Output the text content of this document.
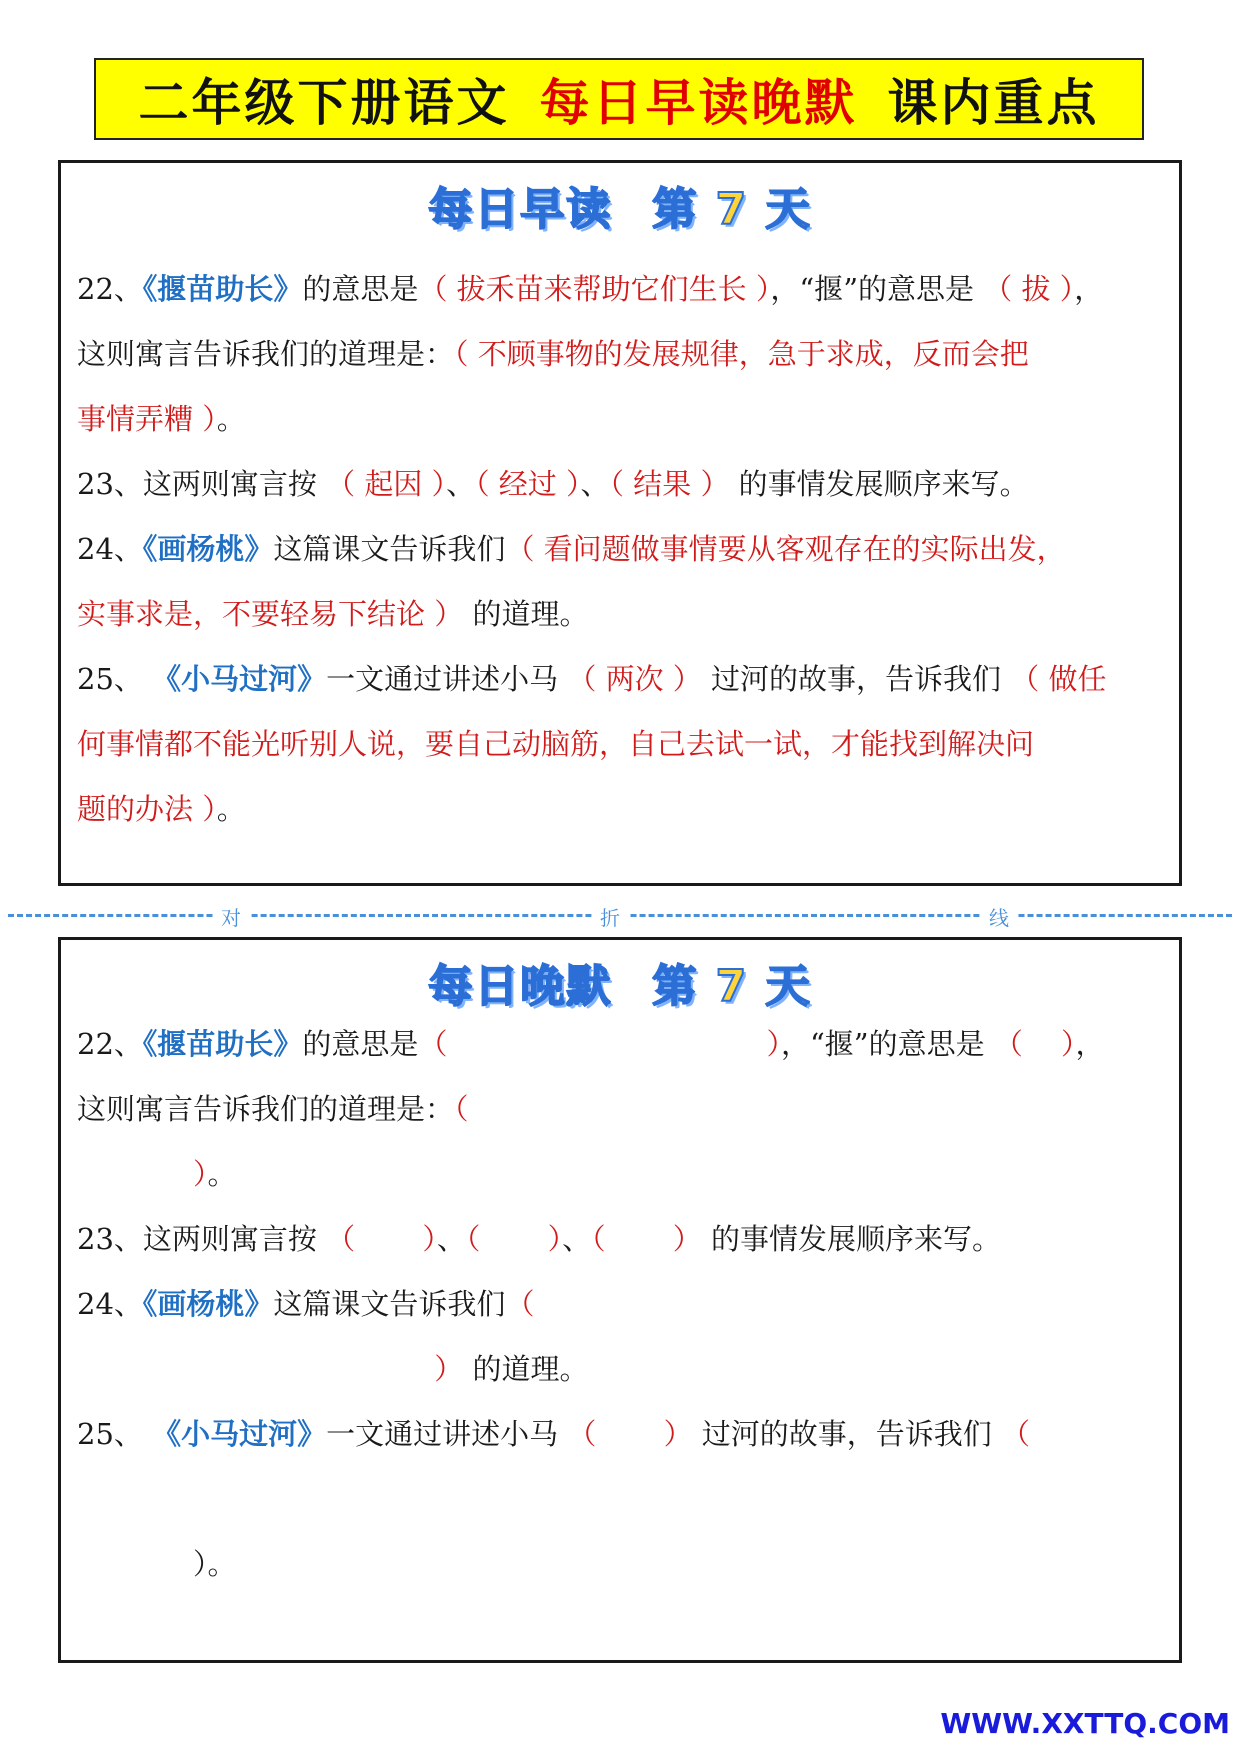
二年级下册语文 每日早读晚默 课内重点
每日早读 第 7 天
22、《揠苗助长》的意思是（ 拔禾苗来帮助它们生长 ），“揠”的意思是 （ 拔 ），
这则寓言告诉我们的道理是：（ 不顾事物的发展规律，急于求成，反而会把
事情弄糟 ）。
23、这两则寓言按 （ 起因 ）、（ 经过 ）、（ 结果 ） 的事情发展顺序来写。
24、《画杨桃》这篇课文告诉我们（ 看问题做事情要从客观存在的实际出发，
实事求是，不要轻易下结论 ） 的道理。
25、 《小马过河》一文通过讲述小马 （ 两次 ） 过河的故事，告诉我们 （ 做任
何事情都不能光听别人说，要自己动脑筋，自己去试一试，才能找到解决问
题的办法 ）。
对	折	线
每日晚默 第 7 天
22、《揠苗助长》的意思是（　　　　　　　　　　　），“揠”的意思是 （　 ），
这则寓言告诉我们的道理是：（
　　　　）。
23、这两则寓言按 （　　 ）、（　　 ）、（　　 ） 的事情发展顺序来写。
24、《画杨桃》这篇课文告诉我们（
　　　　　　　　　　　　 ） 的道理。
25、 《小马过河》一文通过讲述小马 （　　 ） 过河的故事，告诉我们 （
　　　　）。
WWW.XXTTQ.COM
